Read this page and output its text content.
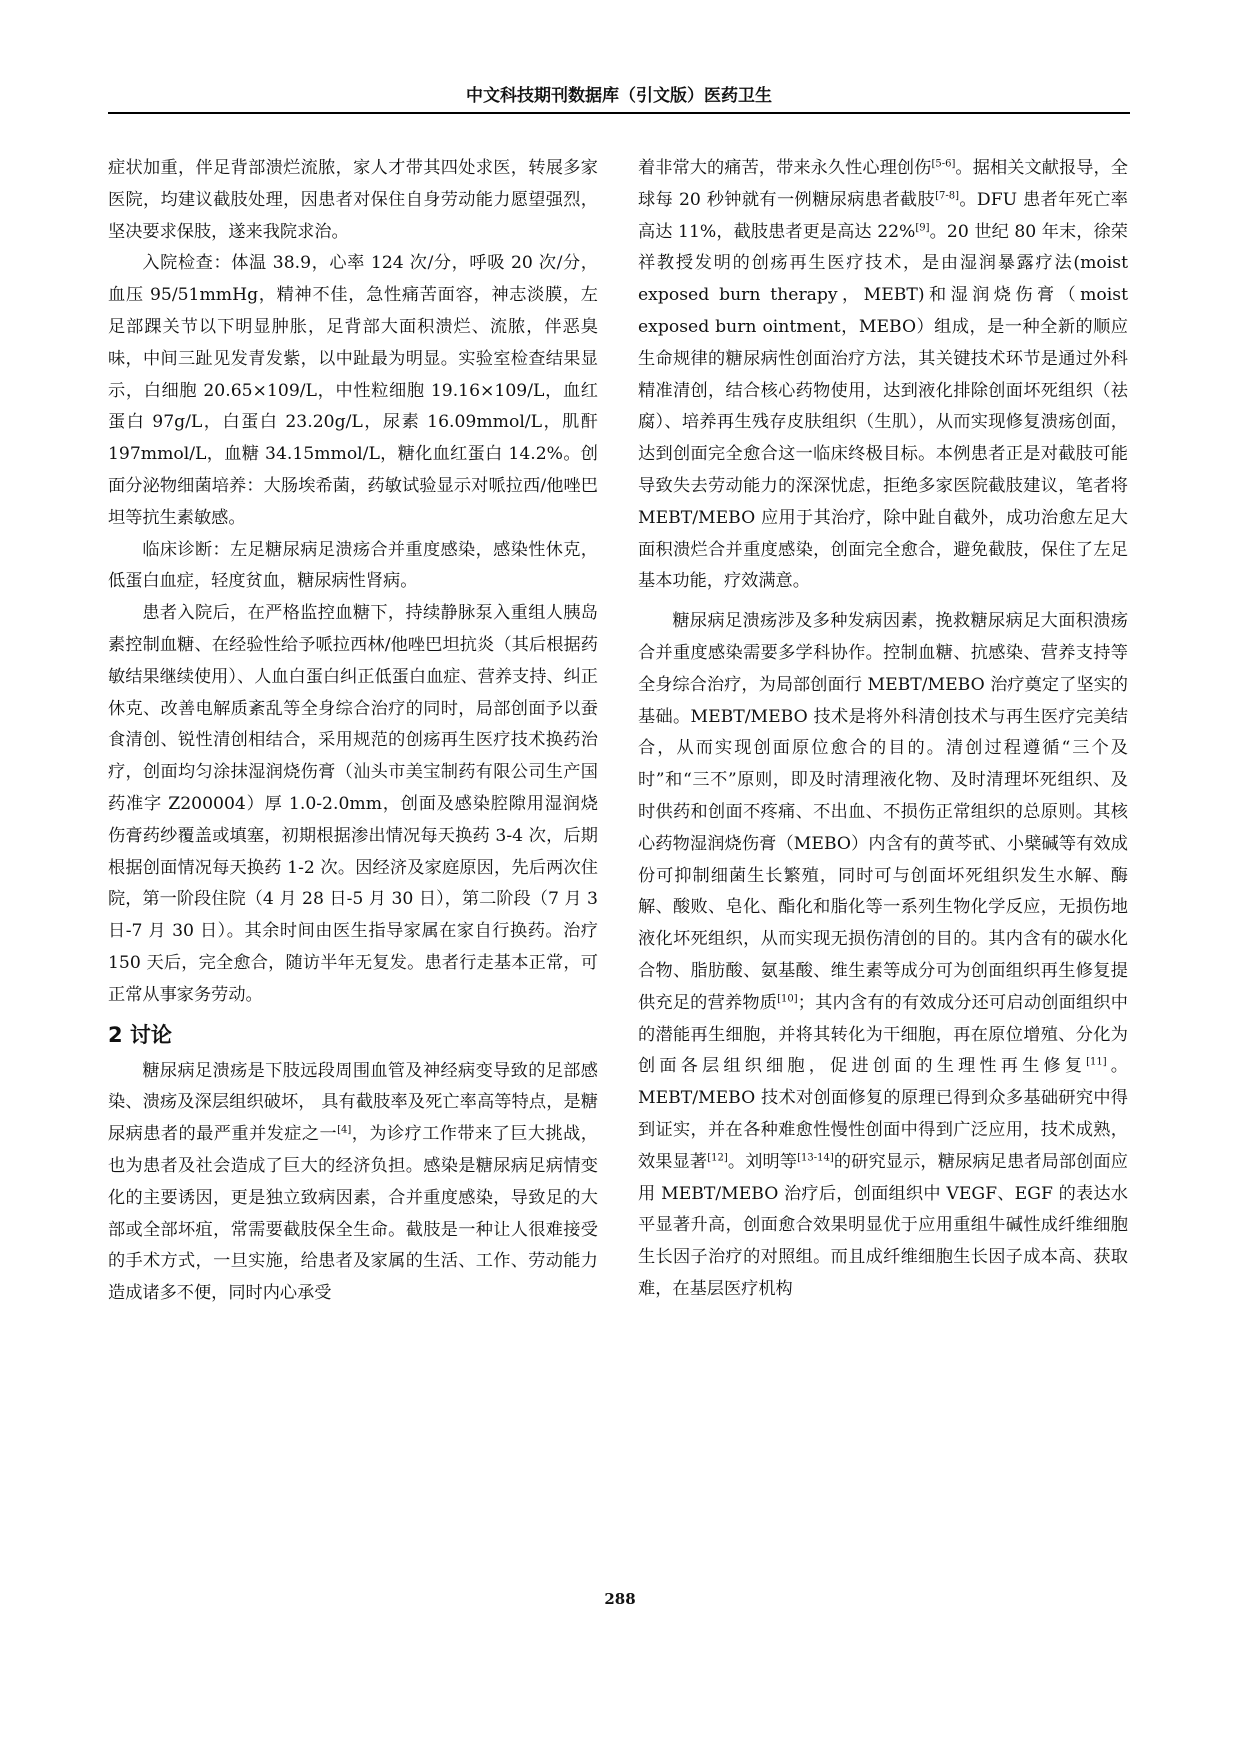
中文科技期刊数据库（引文版）医药卫生

症状加重，伴足背部溃烂流脓，家人才带其四处求医，转展多家医院，均建议截肢处理，因患者对保住自身劳动能力愿望强烈，坚决要求保肢，遂来我院求治。

入院检查：体温 38.9，心率 124 次/分，呼吸 20 次/分，血压 95/51mmHg，精神不佳，急性痛苦面容，神志淡膜，左足部踝关节以下明显肿胀，足背部大面积溃烂、流脓，伴恶臭味，中间三趾见发青发紫，以中趾最为明显。实验室检查结果显示，白细胞 20.65×109/L，中性粒细胞 19.16×109/L，血红蛋白 97g/L，白蛋白 23.20g/L，尿素 16.09mmol/L，肌酐 197mmol/L，血糖 34.15mmol/L，糖化血红蛋白 14.2%。创面分泌物细菌培养：大肠埃希菌，药敏试验显示对哌拉西/他唑巴坦等抗生素敏感。

临床诊断：左足糖尿病足溃疡合并重度感染，感染性休克，低蛋白血症，轻度贫血，糖尿病性肾病。

患者入院后，在严格监控血糖下，持续静脉泵入重组人胰岛素控制血糖、在经验性给予哌拉西林/他唑巴坦抗炎（其后根据药敏结果继续使用）、人血白蛋白纠正低蛋白血症、营养支持、纠正休克、改善电解质紊乱等全身综合治疗的同时，局部创面予以蚕食清创、锐性清创相结合，采用规范的创疡再生医疗技术换药治疗，创面均匀涂抹湿润烧伤膏（汕头市美宝制药有限公司生产国药准字 Z200004）厚 1.0-2.0mm，创面及感染腔隙用湿润烧伤膏药纱覆盖或填塞，初期根据渗出情况每天换药 3-4 次，后期根据创面情况每天换药 1-2 次。因经济及家庭原因，先后两次住院，第一阶段住院（4 月 28 日-5 月 30 日），第二阶段（7 月 3 日-7 月 30 日）。其余时间由医生指导家属在家自行换药。治疗 150 天后，完全愈合，随访半年无复发。患者行走基本正常，可正常从事家务劳动。

2 讨论

糖尿病足溃疡是下肢远段周围血管及神经病变导致的足部感染、溃疡及深层组织破坏， 具有截肢率及死亡率高等特点，是糖尿病患者的最严重并发症之一[4]，为诊疗工作带来了巨大挑战， 也为患者及社会造成了巨大的经济负担。感染是糖尿病足病情变化的主要诱因，更是独立致病因素，合并重度感染，导致足的大部或全部坏疽，常需要截肢保全生命。截肢是一种让人很难接受的手术方式，一旦实施，给患者及家属的生活、工作、劳动能力造成诸多不便，同时内心承受

着非常大的痛苦，带来永久性心理创伤[5-6]。据相关文献报导，全球每 20 秒钟就有一例糖尿病患者截肢[7-8]。DFU 患者年死亡率高达 11%，截肢患者更是高达 22%[9]。20 世纪 80 年末，徐荣祥教授发明的创疡再生医疗技术，是由湿润暴露疗法(moist exposed burn therapy，MEBT)和湿润烧伤膏（moist exposed burn ointment，MEBO）组成，是一种全新的顺应生命规律的糖尿病性创面治疗方法，其关键技术环节是通过外科精准清创，结合核心药物使用，达到液化排除创面坏死组织（祛腐）、培养再生残存皮肤组织（生肌），从而实现修复溃疡创面，达到创面完全愈合这一临床终极目标。本例患者正是对截肢可能导致失去劳动能力的深深忧虑，拒绝多家医院截肢建议，笔者将 MEBT/MEBO 应用于其治疗，除中趾自截外，成功治愈左足大面积溃烂合并重度感染，创面完全愈合，避免截肢，保住了左足基本功能，疗效满意。

糖尿病足溃疡涉及多种发病因素，挽救糖尿病足大面积溃疡合并重度感染需要多学科协作。控制血糖、抗感染、营养支持等全身综合治疗，为局部创面行 MEBT/MEBO 治疗奠定了坚实的基础。MEBT/MEBO 技术是将外科清创技术与再生医疗完美结合，从而实现创面原位愈合的目的。清创过程遵循“三个及时”和“三不”原则，即及时清理液化物、及时清理坏死组织、及时供药和创面不疼痛、不出血、不损伤正常组织的总原则。其核心药物湿润烧伤膏（MEBO）内含有的黄芩甙、小檗碱等有效成份可抑制细菌生长繁殖，同时可与创面坏死组织发生水解、酶解、酸败、皂化、酯化和脂化等一系列生物化学反应，无损伤地液化坏死组织，从而实现无损伤清创的目的。其内含有的碳水化合物、脂肪酸、氨基酸、维生素等成分可为创面组织再生修复提供充足的营养物质[10]；其内含有的有效成分还可启动创面组织中的潜能再生细胞，并将其转化为干细胞，再在原位增殖、分化为创面各层组织细胞，促进创面的生理性再生修复[11]。MEBT/MEBO 技术对创面修复的原理已得到众多基础研究中得到证实，并在各种难愈性慢性创面中得到广泛应用，技术成熟，效果显著[12]。刘明等[13-14]的研究显示，糖尿病足患者局部创面应用 MEBT/MEBO 治疗后，创面组织中 VEGF、EGF 的表达水平显著升高，创面愈合效果明显优于应用重组牛碱性成纤维细胞生长因子治疗的对照组。而且成纤维细胞生长因子成本高、获取难，在基层医疗机构

288
